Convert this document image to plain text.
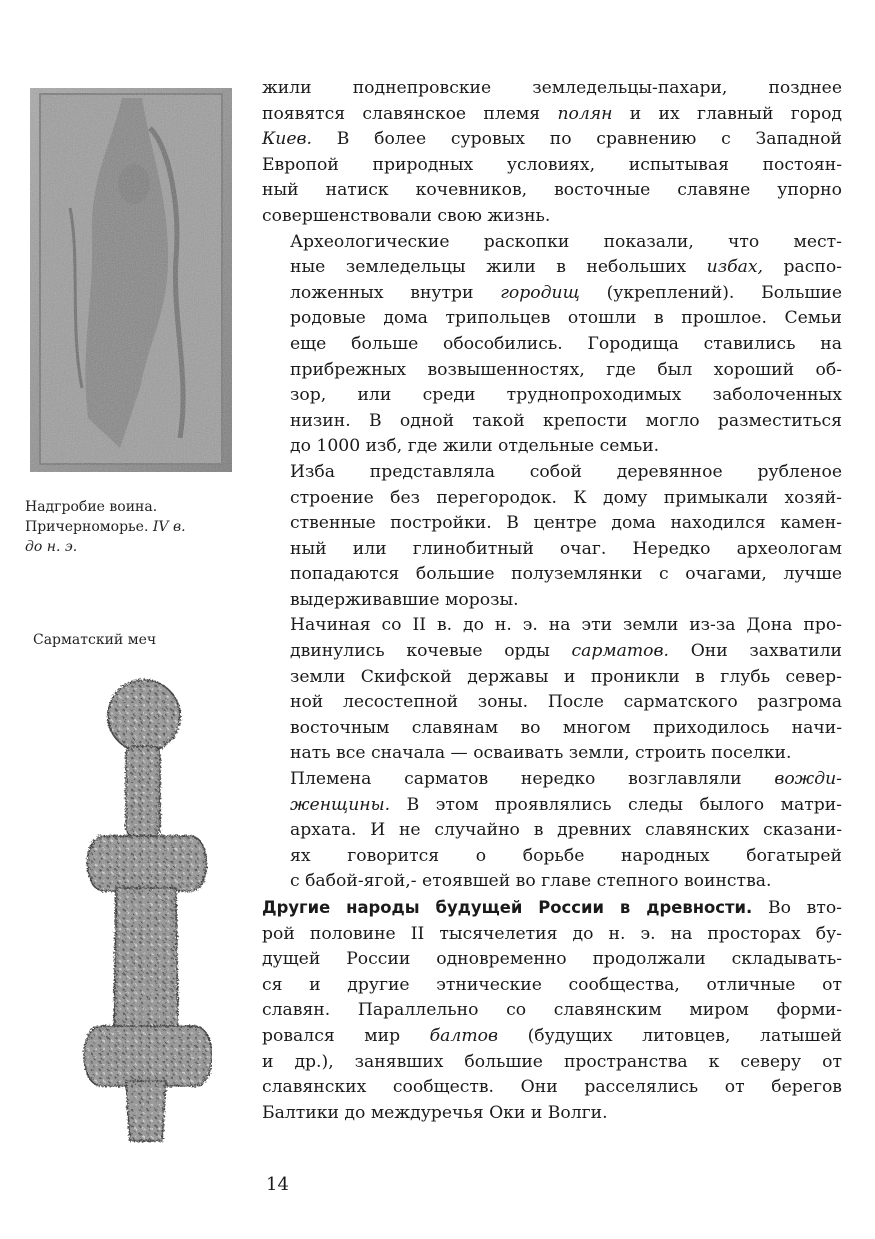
Надгробие воина.
Причерноморье. IV в.
до н. э.
Сарматский меч

жили поднепровские земледельцы-пахари, позднее
появятся славянское племя полян и их главный город
Киев. В более суровых по сравнению с Западной
Европой природных условиях, испытывая постоян-
ный натиск кочевников, восточные славяне упорно
совершенствовали свою жизнь.

Археологические раскопки показали, что мест-
ные земледельцы жили в небольших избах, распо-
ложенных внутри городищ (укреплений). Большие
родовые дома трипольцев отошли в прошлое. Семьи
еще больше обособились. Городища ставились на
прибрежных возвышенностях, где был хороший об-
зор, или среди труднопроходимых заболоченных
низин. В одной такой крепости могло разместиться
до 1000 изб, где жили отдельные семьи.

Изба представляла собой деревянное рубленое
строение без перегородок. К дому примыкали хозяй-
ственные постройки. В центре дома находился камен-
ный или глинобитный очаг. Нередко археологам
попадаются большие полуземлянки с очагами, лучше
выдерживавшие морозы.

Начиная со II в. до н. э. на эти земли из-за Дона про-
двинулись кочевые орды сарматов. Они захватили
земли Скифской державы и проникли в глубь север-
ной лесостепной зоны. После сарматского разгрома
восточным славянам во многом приходилось начи-
нать все сначала — осваивать земли, строить поселки.

Племена сарматов нередко возглавляли вожди-
женщины. В этом проявлялись следы былого матри-
архата. И не случайно в древних славянских сказани-
ях говорится о борьбе народных богатырей
с бабой-ягой,- етоявшей во главе степного воинства.

Другие народы будущей России в древности. Во вто-
рой половине II тысячелетия до н. э. на просторах бу-
дущей России одновременно продолжали складывать-
ся и другие этнические сообщества, отличные от
славян. Параллельно со славянским миром форми-
ровался мир балтов (будущих литовцев, латышей
и др.), занявших большие пространства к северу от
славянских сообществ. Они расселялись от берегов
Балтики до междуречья Оки и Волги.

14
